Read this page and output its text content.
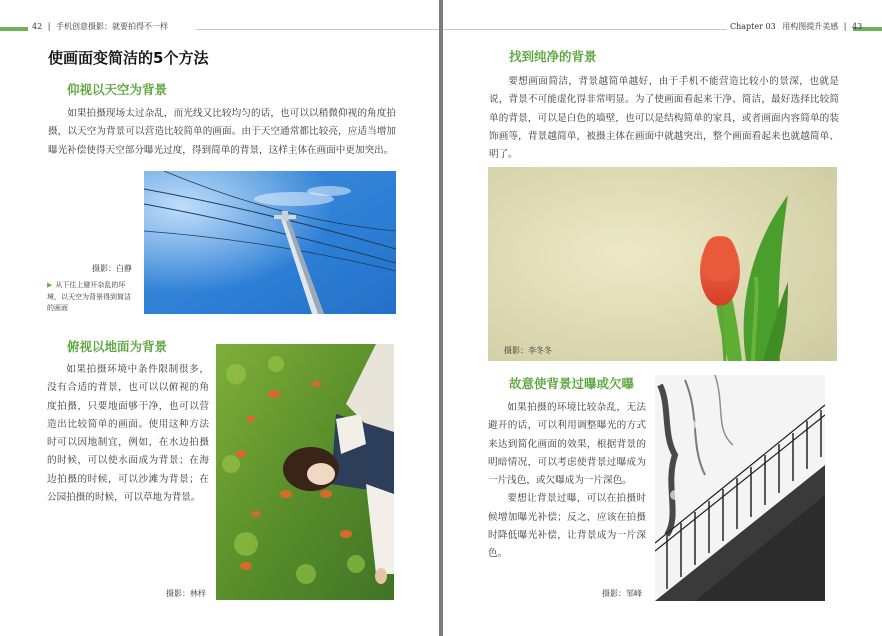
42 | 手机创意摄影：就要拍得不一样
使画面变简洁的5个方法
仰视以天空为背景

如果拍摄现场太过杂乱，而光线又比较均匀的话，也可以以稍微仰视的角度拍摄，以天空为背景可以营造比较简单的画面。由于天空通常都比较亮，应适当增加曝光补偿使得天空部分曝光过度，得到简单的背景，这样主体在画面中更加突出。

摄影：白静
▶ 从下往上避开杂乱的环境，以天空为背景得到简洁的画面
俯视以地面为背景

如果拍摄环境中条件限制很多，没有合适的背景，也可以以俯视的角度拍摄，只要地面够干净，也可以营造出比较简单的画面。使用这种方法时可以因地制宜，例如，在水边拍摄的时候，可以使水面成为背景；在海边拍摄的时候，可以沙滩为背景；在公园拍摄的时候，可以草地为背景。

摄影：林梓
Chapter 03 用构图提升美感 | 43
找到纯净的背景

要想画面简洁，背景越简单越好，由于手机不能营造比较小的景深，也就是说，背景不可能虚化得非常明显。为了使画面看起来干净、简洁，最好选择比较简单的背景，可以是白色的墙壁，也可以是结构简单的家具，或者画面内容简单的装饰画等，背景越简单，被摄主体在画面中就越突出，整个画面看起来也就越简单、明了。

摄影：李冬冬
故意使背景过曝或欠曝

如果拍摄的环境比较杂乱，无法避开的话，可以利用调整曝光的方式来达到简化画面的效果，根据背景的明暗情况，可以考虑使背景过曝成为一片浅色，或欠曝成为一片深色。

要想让背景过曝，可以在拍摄时候增加曝光补偿；反之，应该在拍摄时降低曝光补偿，让背景成为一片深色。

摄影：邹峰
